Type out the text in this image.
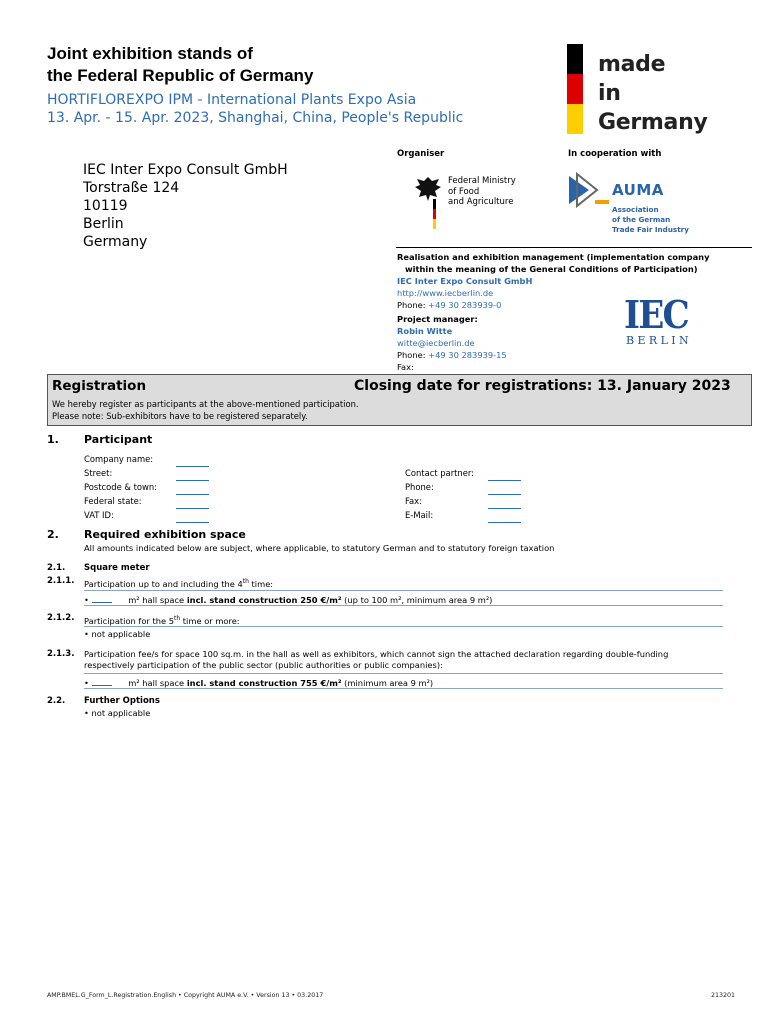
Joint exhibition stands of
the Federal Republic of Germany
HORTIFLOREXPO IPM - International Plants Expo Asia
13. Apr. - 15. Apr. 2023, Shanghai, China, People's Republic
made
in
Germany
Organiser	In cooperation with
IEC Inter Expo Consult GmbH
Torstraße 124
10119
Berlin
Germany
Federal Ministry
of Food
and Agriculture
AUMA
Association
of the German
Trade Fair Industry
Realisation and exhibition management (implementation company
within the meaning of the General Conditions of Participation)
IEC Inter Expo Consult GmbH
http://www.iecberlin.de
Phone: +49 30 283939-0
Project manager:
Robin Witte
witte@iecberlin.de
Phone: +49 30 283939-15
Fax:
IEC
BERLIN
Registration	Closing date for registrations: 13. January 2023
We hereby register as participants at the above-mentioned participation.
Please note: Sub-exhibitors have to be registered separately.
1. Participant
Company name:
Street:
Postcode & town:
Federal state:
VAT ID:
Contact partner:
Phone:
Fax:
E-Mail:
2. Required exhibition space
All amounts indicated below are subject, where applicable, to statutory German and to statutory foreign taxation
2.1. Square meter
2.1.1. Participation up to and including the 4th time:
•	m² hall space incl. stand construction 250 €/m² (up to 100 m², minimum area 9 m²)
2.1.2. Participation for the 5th time or more:
• not applicable
2.1.3. Participation fee/s for space 100 sq.m. in the hall as well as exhibitors, which cannot sign the attached declaration regarding double-funding
respectively participation of the public sector (public authorities or public companies):
•	m² hall space incl. stand construction 755 €/m² (minimum area 9 m²)
2.2. Further Options
• not applicable
AMP.BMEL.G_Form_L.Registration.English • Copyright AUMA e.V. • Version 13 • 03.2017	213201
